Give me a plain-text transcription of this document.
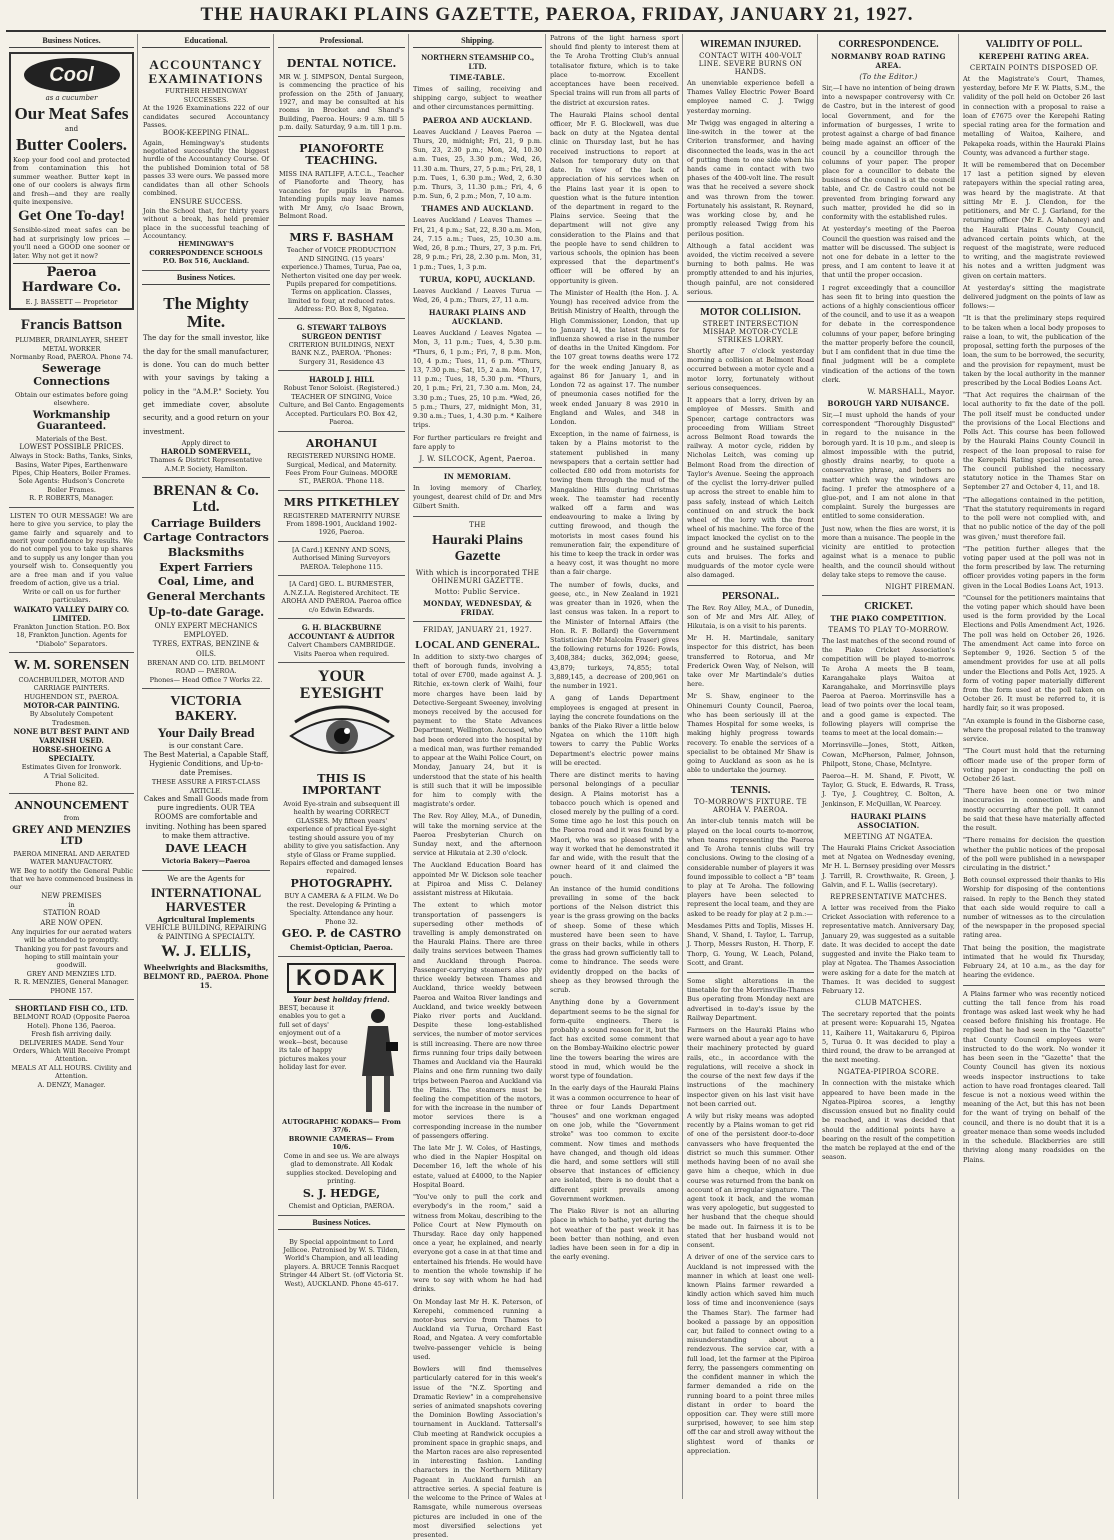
THE HAURAKI PLAINS GAZETTE, PAEROA, FRIDAY, JANUARY 21, 1927.
Business Notices.
Cool
as a cucumber
Our Meat Safes
and
Butter Coolers.
Keep your food cool and protected from contamination this hot summer weather. Butter kept in one of our coolers is always firm and fresh—and they are really quite inexpensive.
Get One To-day!
Sensible-sized meat safes can be had at surprisingly low prices —you'll need a GOOD one sooner or later. Why not get it now?
Paeroa Hardware Co.
E. J. BASSETT — Proprietor
Francis Battson
PLUMBER, DRAINLAYER, SHEET METAL WORKER
Normanby Road, PAEROA. Phone 74.
Sewerage Connections
Obtain our estimates before going elsewhere.
Workmanship Guaranteed.
Materials of the Best.
LOWEST POSSIBLE PRICES.
Always in Stock: Baths, Tanks, Sinks, Basins, Water Pipes, Earthenware Pipes, Chip Heaters, Boiler Frames.
Sole Agents: Hudson's Concrete Boiler Frames.
R. P. ROBERTS, Manager.
LISTEN TO OUR MESSAGE! We are here to give you service, to play the game fairly and squarely and to merit your confidence by results. We do not compel you to take up shares and to supply us any longer than you yourself wish to. Consequently you are a free man and if you value freedom of action, give us a trial.
Write or call on us for further particulars.
WAIKATO VALLEY DAIRY CO. LIMITED.
Frankton Junction Station. P.O. Box 18, Frankton Junction. Agents for "Diabolo" Separators.
W. M. SORENSEN
COACHBUILDER, MOTOR AND CARRIAGE PAINTERS. HUGHENDON ST., PAEROA.
MOTOR-CAR PAINTING.
By Absolutely Competent Tradesmen.
NONE BUT BEST PAINT AND VARNISH USED.
HORSE-SHOEING A SPECIALTY.
Estimates Given for Ironwork.
A Trial Solicited.
Phone 82.
ANNOUNCEMENT
from
GREY AND MENZIES LTD
PAEROA MINERAL AND AERATED WATER MANUFACTORY.
WE Beg to notify the General Public that we have commenced business in our
NEW PREMISES
in
STATION ROAD
ARE NOW OPEN.
Any inquiries for our aerated waters will be attended to promptly.
Thanking you for past favours and hoping to still maintain your goodwill.
GREY AND MENZIES LTD.
R. R. MENZIES, General Manager.
PHONE 157.
SHORTLAND FISH CO., LTD.
BELMONT ROAD (Opposite Paeroa Hotel). Phone 136, Paeroa.
Fresh fish arriving daily. DELIVERIES MADE. Send Your Orders, Which Will Receive Prompt Attention.
MEALS AT ALL HOURS. Civility and Attention.
A. DENZY, Manager.
Educational.
ACCOUNTANCY EXAMINATIONS
FURTHER HEMINGWAY SUCCESSES.
At the 1926 Examinations 222 of our candidates secured Accountancy Passes.
BOOK-KEEPING FINAL.
Again, Hemingway's students negotiated successfully the biggest hurdle of the Accountancy Course. Of the published Dominion total of 58 passes 33 were ours. We passed more candidates than all other Schools combined.
ENSURE SUCCESS.
Join the School that, for thirty years without a break, has held premier place in the successful teaching of Accountancy.
HEMINGWAY'S CORRESPONDENCE SCHOOLS P.O. Box 516, Auckland.
Business Notices.
The Mighty Mite.
The day for the small investor, like the day for the small manufacturer, is done. You can do much better with your savings by taking a policy in the "A.M.P." Society. You get immediate cover, absolute security, and a good return on your investment.
Apply direct to
HAROLD SOMERVELL,
Thames & District Representative A.M.P. Society, Hamilton.
BRENAN & Co. Ltd.
Carriage Builders
Cartage Contractors
Blacksmiths
Expert Farriers
Coal, Lime, and
General Merchants
Up-to-date Garage.
ONLY EXPERT MECHANICS EMPLOYED.
TYRES, EXTRAS, BENZINE & OILS.
BRENAN AND CO. LTD. BELMONT ROAD — PAEROA.
Phones— Head Office 7 Works 22.
VICTORIA BAKERY.
Your Daily Bread
is our constant Care.
The Best Material, a Capable Staff, Hygienic Conditions, and Up-to-date Premises.
THESE ASSURE A FIRST-CLASS ARTICLE.
Cakes and Small Goods made from pure ingredients. OUR TEA ROOMS are comfortable and inviting. Nothing has been spared to make them attractive.
DAVE LEACH
Victoria Bakery—Paeroa
We are the Agents for
INTERNATIONAL HARVESTER
Agricultural Implements
VEHICLE BUILDING, REPAIRING & PAINTING A SPECIALTY.
W. J. ELLIS,
Wheelwrights and Blacksmiths,
BELMONT RD., PAEROA. Phone 15.
Professional.
DENTAL NOTICE.
MR W. J. SIMPSON, Dental Surgeon, is commencing the practice of his profession on the 25th of January, 1927, and may be consulted at his rooms in Brocket and Shand's Building, Paeroa. Hours: 9 a.m. till 5 p.m. daily. Saturday, 9 a.m. till 1 p.m.
PIANOFORTE TEACHING.
MISS INA RATLIFF, A.T.C.L., Teacher of Pianoforte and Theory, has vacancies for pupils in Paeroa. Intending pupils may leave names with Mr Amy, c/o Isaac Brown, Belmont Road.
MRS F. BASHAM
Teacher of VOICE PRODUCTION AND SINGING. (15 years' experience.) Thames, Turua, Pae oa, Netherton visited one day per week. Pupils prepared for competitions. Terms on application. Classes, limited to four, at reduced rates. Address: P.O. Box 8, Ngatea.
G. STEWART TALBOYS SURGEON DENTIST
CRITERION BUILDINGS, NEXT BANK N.Z., PAEROA. 'Phones: Surgery 31, Residence 43
HAROLD J. HILL
Robust Tenor Soloist. (Registered.) TEACHER OF SINGING, Voice Culture, and Bel Canto. Engagements Accepted. Particulars P.O. Box 42, Paeroa.
AROHANUI
REGISTERED NURSING HOME. Surgical, Medical, and Maternity. Fees From Four Guineas. MOORE ST., PAEROA. 'Phone 118.
MRS PITKETHLEY
REGISTERED MATERNITY NURSE From 1898-1901, Auckland 1902-1926, Paeroa.
[A Card.] KENNY AND SONS, Authorised Mining Surveyors PAEROA. Telephone 115.
[A Card] GEO. L. BURMESTER, A.N.Z.I.A. Registered Architect. TE AROHA AND PAEROA. Paeroa office c/o Edwin Edwards.
G. H. BLACKBURNE ACCOUNTANT & AUDITOR
Calvert Chambers CAMBRIDGE. Visits Paeroa when required.
YOUR EYESIGHT
THIS IS IMPORTANT
Avoid Eye-strain and subsequent ill health by wearing CORRECT GLASSES. My fifteen years' experience of practical Eye-sight testing should assure you of my ability to give you satisfaction. Any style of Glass or Frame supplied. Repairs effected and damaged lenses repaired.
PHOTOGRAPHY.
BUY A CAMERA & A FILM. We Do the rest. Developing & Printing a Specialty. Attendance any hour. Phone 32.
GEO. P. de CASTRO
Chemist-Optician, Paeroa.
KODAK
Your best holiday friend.
BEST, because it enables you to get a full set of days' enjoyment out of a week—best, because its tale of happy pictures makes your holiday last for ever.
AUTOGRAPHIC KODAKS— From 37/6.
BROWNIE CAMERAS— From 10/6.
Come in and see us. We are always glad to demonstrate. All Kodak supplies stocked. Developing and printing.
S. J. HEDGE,
Chemist and Optician, PAEROA.
Business Notices.
By Special appointment to Lord Jellicoe. Patronised by W. S. Tilden, World's Champion, and all leading players. A. BRUCE Tennis Racquet Stringer 44 Albert St. (off Victoria St. West), AUCKLAND. Phone 45-617.
Shipping.
NORTHERN STEAMSHIP CO., LTD.
TIME-TABLE.

Times of sailing, receiving and shipping cargo, subject to weather and other circumstances permitting.

PAEROA AND AUCKLAND.

Leaves Auckland / Leaves Paeroa — Thurs, 20, midnight; Fri, 21, 9 p.m. Sun, 23, 2.30 p.m.; Mon, 24, 10.30 a.m. Tues, 25, 3.30 p.m.; Wed, 26, 11.30 a.m. Thurs, 27, 5 p.m.; Fri, 28, 1 p.m. Tues, 1, 6.30 p.m.; Wed, 2, 6.30 p.m. Thurs, 3, 11.30 p.m.; Fri, 4, 6 p.m. Sun, 6, 2 p.m.; Mon, 7, 10 a.m.

THAMES AND AUCKLAND.

Leaves Auckland / Leaves Thames — Fri, 21, 4 p.m.; Sat, 22, 8.30 a.m. Mon, 24, 7.15 a.m.; Tues, 25, 10.30 a.m. Wed, 26, 8 p.m.; Thurs, 27, 3 p.m. Fri, 28, 9 p.m.; Fri, 28, 2.30 p.m. Mon, 31, 1 p.m.; Tues, 1, 3 p.m.

TURUA, KOPU, AUCKLAND.

Leaves Auckland / Leaves Turua — Wed, 26, 4 p.m.; Thurs, 27, 11 a.m.

HAURAKI PLAINS AND AUCKLAND.

Leaves Auckland / Leaves Ngatea — Mon, 3, 11 p.m.; Tues, 4, 5.30 p.m. *Thurs, 6, 1 p.m.; Fri, 7, 8 p.m. Mon, 10, 4 p.m.; Tues, 11, 6 p.m. *Thurs, 13, 7.30 p.m.; Sat, 15, 2 a.m. Mon, 17, 11 p.m.; Tues, 18, 5.30 p.m. *Thurs, 20, 1 p.m.; Fri, 21, 7.30 a.m. Mon, 24, 3.30 p.m.; Tues, 25, 10 p.m. *Wed, 26, 5 p.m.; Thurs, 27, midnight Mon, 31, 9.30 a.m.; Tues, 1, 4.30 p.m. * Kaihere trips.

For further particulars re freight and fare apply to

J. W. SILCOCK, Agent, Paeroa.
IN MEMORIAM.

In loving memory of Charley, youngest, dearest child of Dr. and Mrs Gilbert Smith.

THE
Hauraki Plains Gazette
With which is incorporated THE OHINEMURI GAZETTE.
Motto: Public Service.
MONDAY, WEDNESDAY, & FRIDAY.
FRIDAY, JANUARY 21, 1927.
LOCAL AND GENERAL.

In addition to sixty-two charges of theft of borough funds, involving a total of over £700, made against A. J. Ritchie, ex-town clerk of Waihi, four more charges have been laid by Detective-Sergeant Sweeney, involving moneys received by the accused for payment to the State Advances Department, Wellington. Accused, who had been ordered into the hospital by a medical man, was further remanded to appear at the Waihi Police Court, on Monday, January 24, but it is understood that the state of his health is still such that it will be impossible for him to comply with the magistrate's order.

The Rev. Roy Alley, M.A., of Dunedin, will take the morning service at the Paeroa Presbyterian Church on Sunday next, and the afternoon service at Hikutaia at 2.30 o'clock.

The Auckland Education Board has appointed Mr W. Dickson sole teacher at Pipiroa and Miss C. Delaney assistant mistress at Hikutaia.

The extent to which motor transportation of passengers is superseding other methods of travelling is amply demonstrated on the Hauraki Plains. There are three daily trains services between Thames and Auckland through Paeroa. Passenger-carrying steamers also ply thrice weekly between Thames and Auckland, thrice weekly between Paeroa and Waitoa River landings and Auckland, and twice weekly between Piako river ports and Auckland. Despite these long-established services, the number of motor services is still increasing. There are now three firms running four trips daily between Thames and Auckland via the Hauraki Plains and one firm running two daily trips between Paeroa and Auckland via the Plains. The steamers must be feeling the competition of the motors, for with the increase in the number of motor services there is a corresponding increase in the number of passengers offering.

The late Mr J. W. Coles, of Hastings, who died in the Napier Hospital on December 16, left the whole of his estate, valued at £4000, to the Napier Hospital Board.

"You've only to pull the cork and everybody's in the room," said a witness from Mokau, describing to the Police Court at New Plymouth on Thursday. Race day only happened once a year, he explained, and nearly everyone got a case in at that time and entertained his friends. He would have to mention the whole township if he were to say with whom he had had drinks.

On Monday last Mr H. K. Peterson, of Kerepehi, commenced running a motor-bus service from Thames to Auckland via Turua, Orchard East Road, and Ngatea. A very comfortable twelve-passenger vehicle is being used.

Bowlers will find themselves particularly catered for in this week's issue of the "N.Z. Sporting and Dramatic Review" in a comprehensive series of animated snapshots covering the Dominion Bowling Association's tournament in Auckland. Tattersall's Club meeting at Randwick occupies a prominent space in graphic snaps, and the Marton races are also represented in interesting fashion. Landing characters in the Northern Military Pageant in Auckland furnish an attractive series. A special feature is the welcome to the Prince of Wales at Ramsgate, while numerous overseas pictures are included in one of the most diversified selections yet presented.

Patrons of the light harness sport should find plenty to interest them at the Te Aroha Trotting Club's annual totalisator fixture, which is to take place to-morrow. Excellent acceptances have been received. Special trains will run from all parts of the district at excursion rates.

The Hauraki Plains school dental officer, Mr F. G. Blockwell, was due back on duty at the Ngatea dental clinic on Thursday last, but he has received instructions to report at Nelson for temporary duty on that date. In view of the lack of appreciation of his services when on the Plains last year it is open to question what is the future intention of the department in regard to the Plains service. Seeing that the department will not give any consideration to the Plains and that the people have to send children to various schools, the opinion has been expressed that the department's officer will be offered by an opportunity is given.

The Minister of Health (the Hon. J. A. Young) has received advice from the British Ministry of Health, through the High Commissioner, London, that up to January 14, the latest figures for influenza showed a rise in the number of deaths in the United Kingdom. For the 107 great towns deaths were 172 for the week ending January 8, as against 86 for January 1, and in London 72 as against 17. The number of pneumonia cases notified for the week ended January 8 was 2910 in England and Wales, and 348 in London.

Exception, in the name of fairness, is taken by a Plains motorist to the statement published in many newspapers that a certain settler had collected £80 odd from motorists for towing them through the mud of the Mangakino Hills during Christmas week. The teamster had recently walked off a farm and was endeavouring to make a living by cutting firewood, and though the motorists in most cases found his remuneration fair, the expenditure of his time to keep the track in order was a heavy cost, it was thought no more than a fair charge.

The number of fowls, ducks, and geese, etc., in New Zealand in 1921 was greater than in 1926, when the last census was taken. In a report to the Minister of Internal Affairs (the Hon. R. F. Bollard) the Government Statistician (Mr Malcolm Fraser) gives the following returns for 1926: Fowls, 3,408,384; ducks, 362,094; geese, 43,879; turkeys, 74,855; total 3,889,145, a decrease of 200,961 on the number in 1921.

A gang of Lands Department employees is engaged at present in laying the concrete foundations on the banks of the Piako River a little below Ngatea on which the 110ft high towers to carry the Public Works Department's electric power mains will be erected.

There are distinct merits to having personal belongings of a peculiar design. A Plains motorist has a tobacco pouch which is opened and closed merely by the pulling of a cord. Some time ago he lost this pouch on the Paeroa road and it was found by a Maori, who was so pleased with the way it worked that he demonstrated it far and wide, with the result that the owner heard of it and claimed the pouch.

An instance of the humid conditions prevailing in some of the back portions of the Nelson district this year is the grass growing on the backs of sheep. Some of these which mustered have been seen to have grass on their backs, while in others the grass had grown sufficiently tall to come to hindrance. The seeds were evidently dropped on the backs of sheep as they browsed through the scrub.

Anything done by a Government department seems to be the signal for form-quite engineers. There is probably a sound reason for it, but the fact has excited some comment that on the Bombay-Waikino electric power line the towers bearing the wires are stood in mud, which would be the worst type of foundation.

In the early days of the Hauraki Plains it was a common occurrence to hear of three or four Lands Department "houses" and one workman engaged on one job, while the "Government stroke" was too common to excite comment. Now times and methods have changed, and though old ideas die hard, and some settlers will still observe that instances of efficiency are isolated, there is no doubt that a different spirit prevails among Government workmen.

The Piako River is not an alluring place in which to bathe, yet during the hot weather of the past week it has been better than nothing, and even ladies have been seen in for a dip in the early evening.

WIREMAN INJURED.
CONTACT WITH 400-VOLT LINE. SEVERE BURNS ON HANDS.

An unenviable experience befell a Thames Valley Electric Power Board employee named C. J. Twigg yesterday morning.

Mr Twigg was engaged in altering a line-switch in the tower at the Criterion transformer, and having disconnected the leads, was in the act of putting them to one side when his hands came in contact with two phases of the 400-volt line. The result was that he received a severe shock and was thrown from the tower. Fortunately his assistant, R. Reynard, was working close by, and he promptly released Twigg from his perilous position.

Although a fatal accident was avoided, the victim received a severe burning to both palms. He was promptly attended to and his injuries, though painful, are not considered serious.

MOTOR COLLISION.
STREET INTERSECTION MISHAP. MOTOR-CYCLE STRIKES LORRY.

Shortly after 7 o'clock yesterday morning a collision at Belmont Road occurred between a motor cycle and a motor lorry, fortunately without serious consequences.

It appears that a lorry, driven by an employee of Messrs. Smith and Spencer, cartage contractors was proceeding from William Street across Belmont Road towards the railway. A motor cycle, ridden by Nicholas Leitch, was coming up Belmont Road from the direction of Taylor's Avenue. Seeing the approach of the cyclist the lorry-driver pulled up across the street to enable him to pass safely, instead of which Leitch continued on and struck the back wheel of the lorry with the front wheel of his machine. The force of the impact knocked the cyclist on to the ground and he sustained superficial cuts and bruises. The forks and mudguards of the motor cycle were also damaged.

PERSONAL.

The Rev. Roy Alley, M.A., of Dunedin, son of Mr and Mrs Alf. Alley, of Hikutaia, is on a visit to his parents.

Mr H. H. Martindale, sanitary inspector for this district, has been transferred to Rotorua, and Mr Frederick Owen Way, of Nelson, will take over Mr Martindale's duties here.

Mr S. Shaw, engineer to the Ohinemuri County Council, Paeroa, who has been seriously ill at the Thames Hospital for some weeks, is making highly progress towards recovery. To enable the services of a specialist to be obtained Mr Shaw is going to Auckland as soon as he is able to undertake the journey.

TENNIS.
TO-MORROW'S FIXTURE. TE AROHA V. PAEROA.

An inter-club tennis match will be played on the local courts to-morrow, when teams representing the Paeroa and Te Aroha tennis clubs will try conclusions. Owing to the closing of a considerable number of players it was found impossible to collect a "B" team to play at Te Aroha. The following players have been selected to represent the local team, and they are asked to be ready for play at 2 p.m.:—

Mesdames Pitts and Toplis, Misses H. Shand, V. Shand, I. Taylor, L. Tarrup, J. Thorp, Messrs Ruston, H. Thorp, F. Thorp, G. Young, W. Leach, Poland, Scott, and Grant.

Some slight alterations in the timetable for the Morrinsville-Thames Bus operating from Monday next are advertised in to-day's issue by the Railway Department.

Farmers on the Hauraki Plains who were warned about a year ago to have their machinery protected by guard rails, etc., in accordance with the regulations, will receive a shock in the course of the next few days if the instructions of the machinery inspector given on his last visit have not been carried out.

A wily but risky means was adopted recently by a Plains woman to get rid of one of the persistent door-to-door canvassers who have frequented the district so much this summer. Other methods having been of no avail she gave him a cheque, which in due course was returned from the bank on account of an irregular signature. The agent took it back, and the woman was very apologetic, but suggested to her husband that the cheque should be made out. In fairness it is to be stated that her husband would not consent.

A driver of one of the service cars to Auckland is not impressed with the manner in which at least one well-known Plains farmer rewarded a kindly action which saved him much loss of time and inconvenience (says the Thames Star). The farmer had booked a passage by an opposition car, but failed to connect owing to a misunderstanding about a rendezvous. The service car, with a full load, let the farmer at the Pipiroa ferry, the passengers commenting on the confident manner in which the farmer demanded a ride on the running board to a point three miles distant in order to board the opposition car. They were still more surprised, however, to see him step off the car and stroll away without the slightest word of thanks or appreciation.

CORRESPONDENCE.
NORMANBY ROAD RATING AREA.
(To the Editor.)

Sir,—I have no intention of being drawn into a newspaper controversy with Cr. de Castro, but in the interest of good local Government, and for the information of burgesses, I write to protest against a charge of bad finance being made against an officer of the council by a councillor through the columns of your paper. The proper place for a councillor to debate the business of the council is at the council table, and Cr. de Castro could not be prevented from bringing forward any such matter, provided he did so in conformity with the established rules.

At yesterday's meeting of the Paeroa Council the question was raised and the matter will be discussed. The subject is not one for debate in a letter to the press, and I am content to leave it at that until the proper occasion.

I regret exceedingly that a councillor has seen fit to bring into question the actions of a highly conscientious officer of the council, and to use it as a weapon for debate in the correspondence columns of your paper, before bringing the matter properly before the council, but I am confident that in due time the final judgment will be a complete vindication of the actions of the town clerk.

W. MARSHALL, Mayor.
BOROUGH YARD NUISANCE.

Sir,—I must uphold the hands of your correspondent "Thoroughly Disgusted" in regard to the nuisance in the borough yard. It is 10 p.m., and sleep is almost impossible with the putrid, ghostly drains nearby, to quote a conservative phrase, and bothers no matter which way the windows are facing. I prefer the atmosphere of a glue-pot, and I am not alone in that complaint. Surely the burgesses are entitled to some consideration.

Just now, when the flies are worst, it is more than a nuisance. The people in the vicinity are entitled to protection against what is a menace to public health, and the council should without delay take steps to remove the cause.

NIGHT FIREMAN.
CRICKET.
THE PIAKO COMPETITION.
TEAMS TO PLAY TO-MORROW.

The last matches of the second round of the Piako Cricket Association's competition will be played to-morrow. Te Aroha A meets the B team, Karangahake plays Waitoa at Karangahake, and Morrinsville plays Paeroa at Paeroa. Morrinsville has a lead of two points over the local team, and a good game is expected. The following players will comprise the teams to meet at the local domain:—

Morrinsville—Jones, Stott, Aitken, Cowan, McPherson, Palmer, Johnson, Philpott, Stone, Chase, McIntyre.

Paeroa—H. M. Shand, F. Pivott, W. Taylor, G. Stuck, E. Edwards, R. Trass, J. Tye, J. Coughtrey, C. Bolton, A. Jenkinson, F. McQuillan, W. Pearcey.

HAURAKI PLAINS ASSOCIATION.
MEETING AT NGATEA.

The Hauraki Plains Cricket Association met at Ngatea on Wednesday evening, Mr H. L. Bernsey presiding over Messrs J. Tarrill, R. Crowthwaite, R. Green, J. Galvin, and F. L. Wallis (secretary).

REPRESENTATIVE MATCHES.

A letter was received from the Piako Cricket Association with reference to a representative match. Anniversary Day, January 29, was suggested as a suitable date. It was decided to accept the date suggested and invite the Piako team to play at Ngatea. The Thames Association were asking for a date for the match at Thames. It was decided to suggest February 12.

CLUB MATCHES.

The secretary reported that the points at present were: Kopuarahi 15, Ngatea 11, Kaihere 11, Waitakaruru 6, Pipiroa 5, Turua 0. It was decided to play a third round, the draw to be arranged at the next meeting.

NGATEA-PIPIROA SCORE.

In connection with the mistake which appeared to have been made in the Ngatea-Pipiroa scores, a lengthy discussion ensued but no finality could be reached, and it was decided that should the additional points have a bearing on the result of the competition the match be replayed at the end of the season.

VALIDITY OF POLL.
KEREPEHI RATING AREA.
CERTAIN POINTS DISPOSED OF.

At the Magistrate's Court, Thames, yesterday, before Mr F. W. Platts, S.M., the validity of the poll held on October 26 last in connection with a proposal to raise a loan of £7675 over the Kerepehi Rating special rating area for the formation and metalling of Waitoa, Kaihere, and Pekapeka roads, within the Hauraki Plains County, was advanced a further stage.

It will be remembered that on December 17 last a petition signed by eleven ratepayers within the special rating area, was heard by the magistrate. At that sitting Mr E. J. Clendon, for the petitioners, and Mr C. J. Garland, for the returning officer (Mr E. A. Mahoney) and the Hauraki Plains County Council, advanced certain points which, at the request of the magistrate, were reduced to writing, and the magistrate reviewed his notes and a written judgment was given on certain matters.

At yesterday's sitting the magistrate delivered judgment on the points of law as follows:—

"It is that the preliminary steps required to be taken when a local body proposes to raise a loan, to wit, the publication of the proposal, setting forth the purposes of the loan, the sum to be borrowed, the security, and the provision for repayment, must be taken by the local authority in the manner prescribed by the Local Bodies Loans Act.

"That Act requires the chairman of the local authority to fix the date of the poll. The poll itself must be conducted under the provisions of the Local Elections and Polls Act. This course has been followed by the Hauraki Plains County Council in respect of the loan proposal to raise for the Kerepehi Rating special rating area. The council published the necessary statutory notice in the Thames Star on September 27 and October 4, 11, and 18.

"The allegations contained in the petition, 'That the statutory requirements in regard to the poll were not complied with, and that no public notice of the day of the poll was given,' must therefore fail.

"The petition further alleges that the voting paper used at the poll was not in the form prescribed by law. The returning officer provides voting papers in the form given in the Local Bodies Loans Act, 1913.

"Counsel for the petitioners maintains that the voting paper which should have been used is the form provided by the Local Elections and Polls Amendment Act, 1926. The poll was held on October 26, 1926. The amendment Act came into force on September 9, 1926. Section 5 of the amendment provides for use at all polls under the Elections and Polls Act, 1925. A form of voting paper materially different from the form used at the poll taken on October 26. It must be referred to, it is hardly fair, so it was proposed.

"An example is found in the Gisborne case, where the proposal related to the tramway service.

"The Court must hold that the returning officer made use of the proper form of voting paper in conducting the poll on October 26 last.

"There have been one or two minor inaccuracies in connection with and mostly occurring after the poll. It cannot be said that these have materially affected the result.

"There remains for decision the question whether the public notices of the proposal of the poll were published in a newspaper circulating in the district."

Both counsel expressed their thanks to His Worship for disposing of the contentions raised. In reply to the Bench they stated that each side would require to call a number of witnesses as to the circulation of the newspaper in the proposed special rating area.

That being the position, the magistrate intimated that he would fix Thursday, February 24, at 10 a.m., as the day for hearing the evidence.

A Plains farmer who was recently noticed cutting the tall fence from his road frontage was asked last week why he had ceased before finishing his frontage. He replied that he had seen in the "Gazette" that County Council employees were instructed to do the work. No wonder it has been seen in the "Gazette" that the County Council has given its noxious weeds inspector instructions to take action to have road frontages cleared. Tall fescue is not a noxious weed within the meaning of the Act, but this has not been for the want of trying on behalf of the council, and there is no doubt that it is a greater menace than some weeds included in the schedule. Blackberries are still thriving along many roadsides on the Plains.
